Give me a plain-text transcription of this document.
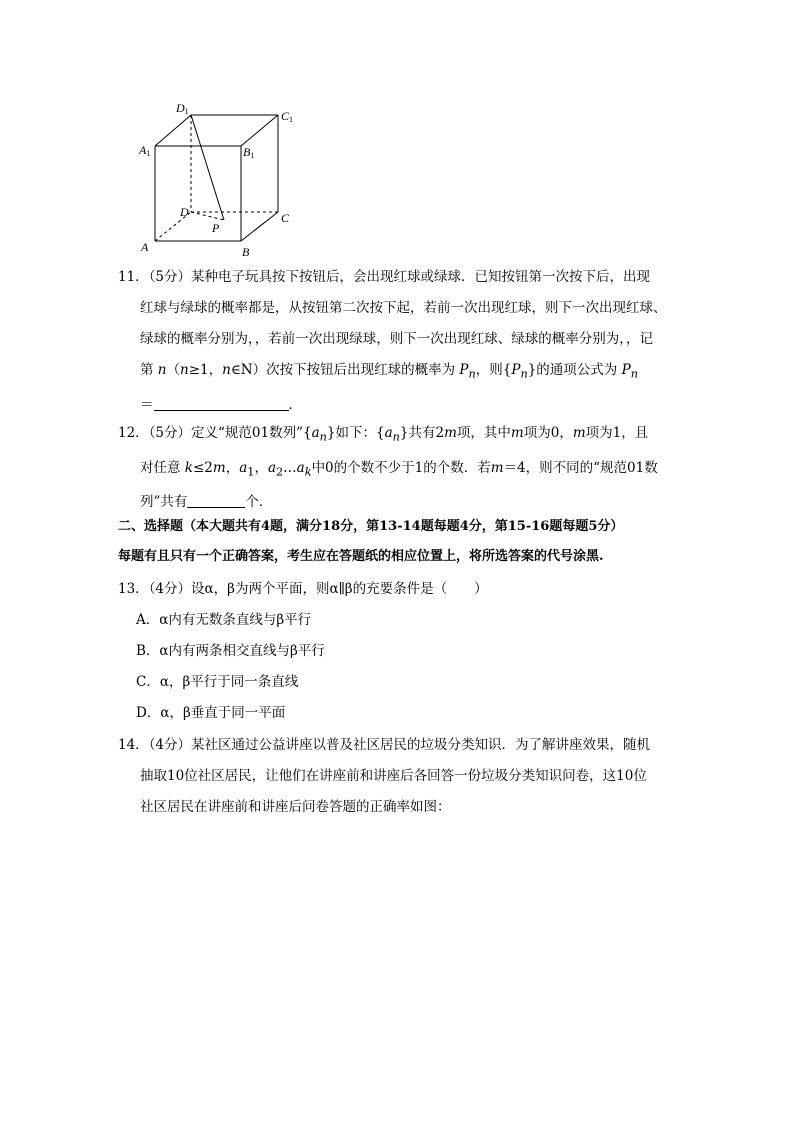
D1	C1
A1	B1
D	C
P
A	B

11．（5分）某种电子玩具按下按钮后，会出现红球或绿球．已知按钮第一次按下后，出现

红球与绿球的概率都是，从按钮第二次按下起，若前一次出现红球，则下一次出现红球、

绿球的概率分别为，，若前一次出现绿球，则下一次出现红球、绿球的概率分别为，，记

第 n（n≥1，n∈N）次按下按钮后出现红球的概率为 $P_n$，则$\{P_n\}$的通项公式为 $P_n$

＝	．

12．（5分）定义“规范01数列$”\{a_n\}$如下：$\{a_n\}$共有2m项，其中m项为0，m项为1，且

对任意 k≤2m，$a_1$，$a_2\dots a_k$中0的个数不少于1的个数．若m＝4，则不同的“规范01数

列”共有	个．

二、选择题（本大题共有4题，满分18分，第13-14题每题4分，第15-16题每题5分）

每题有且只有一个正确答案，考生应在答题纸的相应位置上，将所选答案的代号涂黑.

13．（4分）设α，β为两个平面，则α∥β的充要条件是（　　）

A．α内有无数条直线与β平行

B．α内有两条相交直线与β平行

C．α，β平行于同一条直线

D．α，β垂直于同一平面

14．（4分）某社区通过公益讲座以普及社区居民的垃圾分类知识．为了解讲座效果，随机

抽取10位社区居民，让他们在讲座前和讲座后各回答一份垃圾分类知识问卷，这10位

社区居民在讲座前和讲座后问卷答题的正确率如图：
